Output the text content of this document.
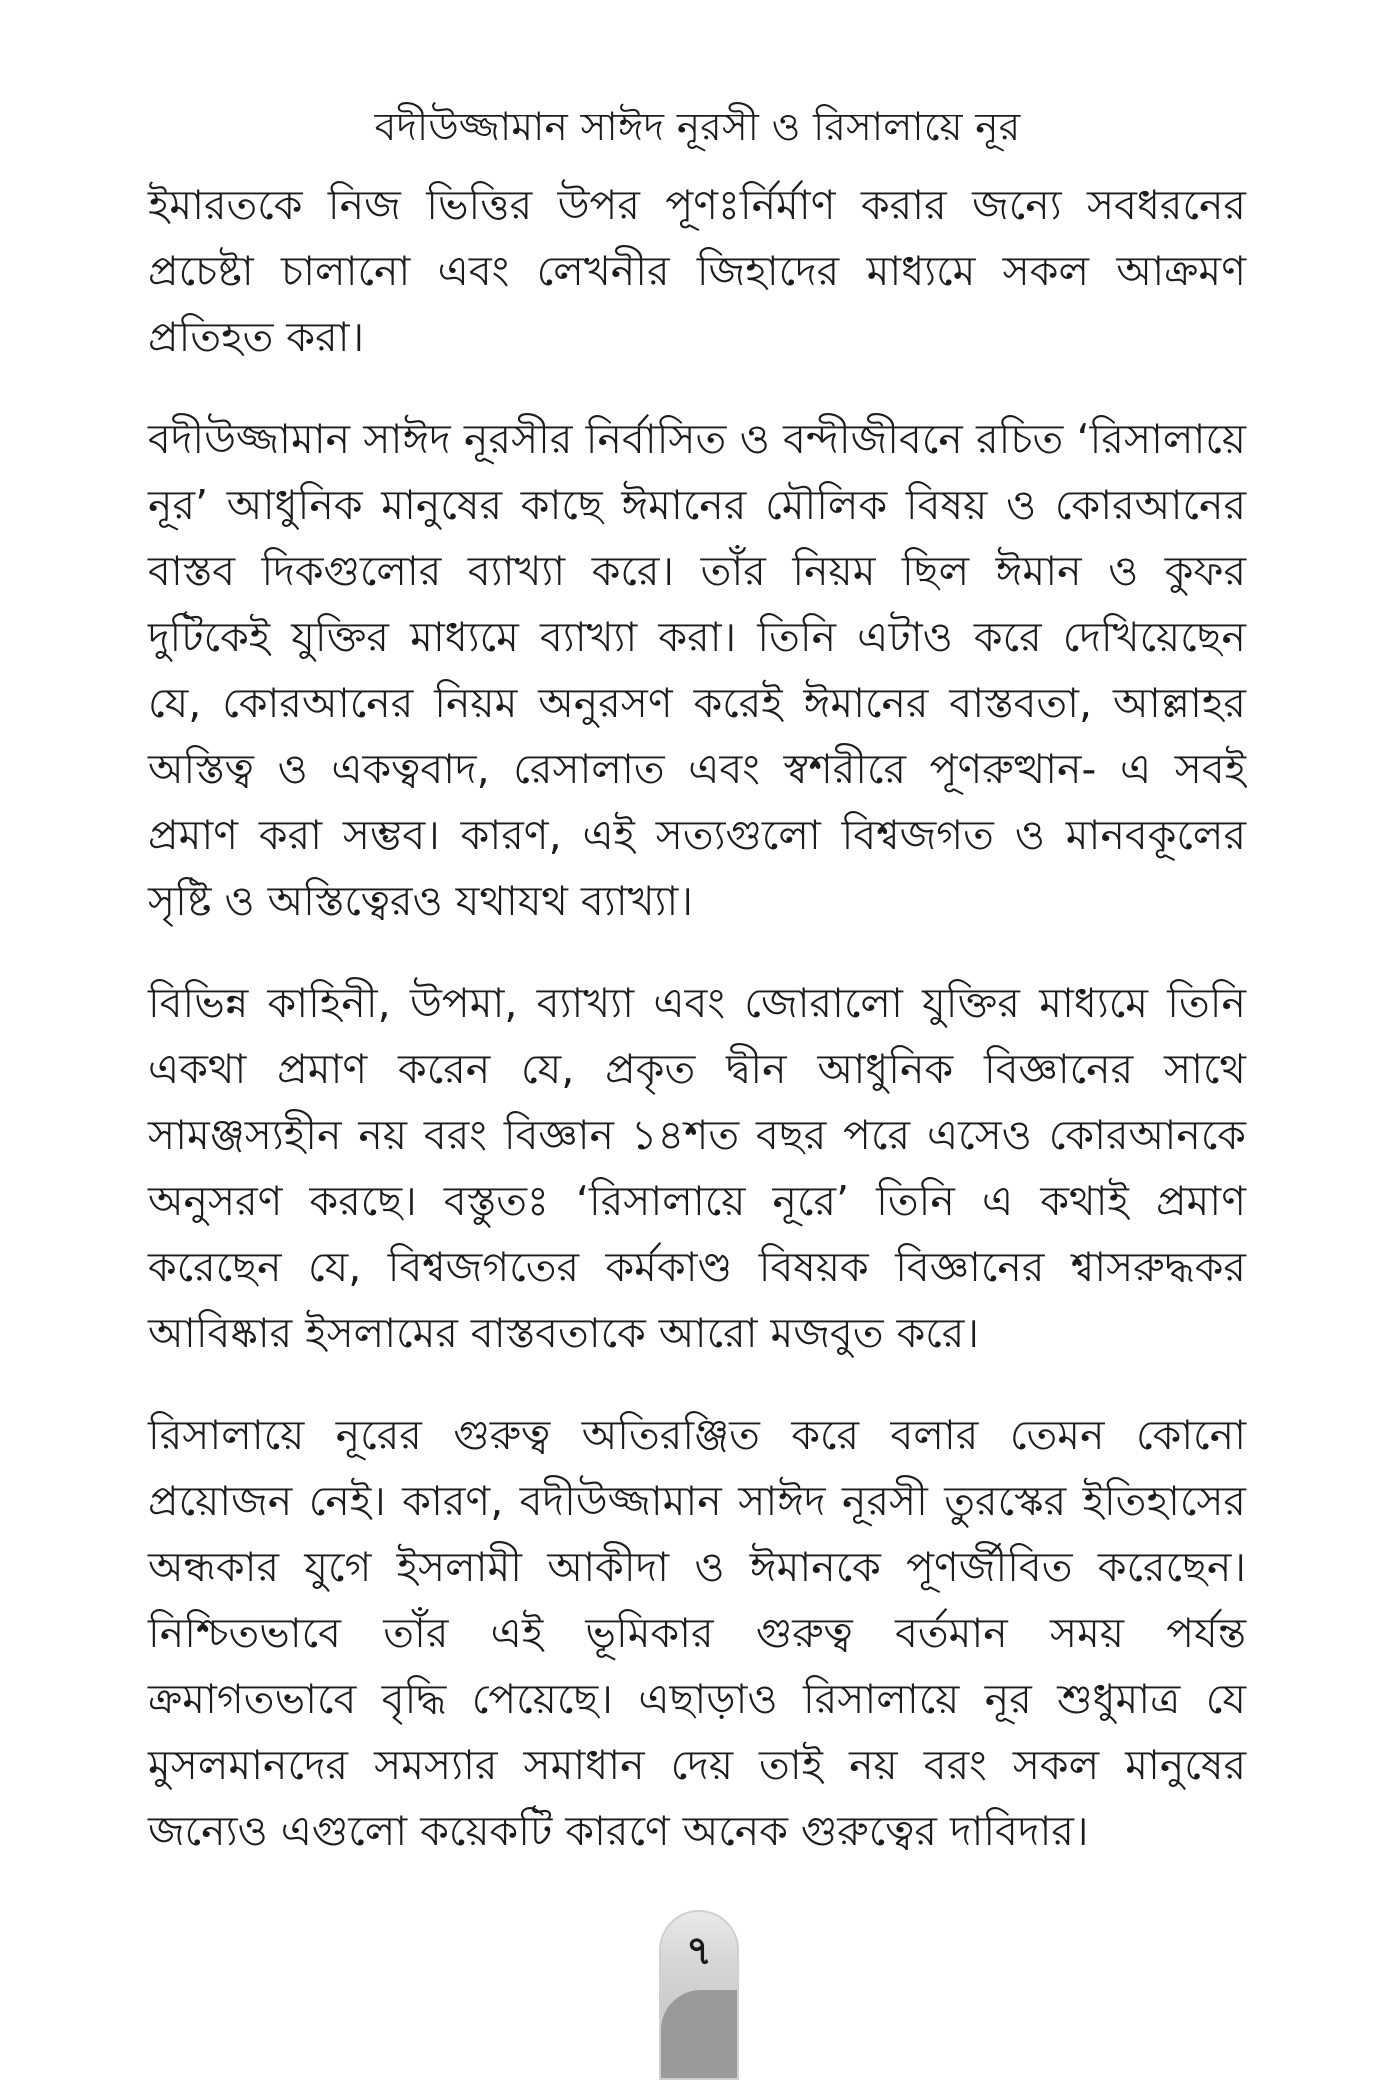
বদীউজ্জামান সাঈদ নূরসী ও রিসালায়ে নূর

ইমারতকে নিজ ভিত্তির উপর পূণঃর্নির্মাণ করার জন্যে সবধরনের প্রচেষ্টা চালানো এবং লেখনীর জিহাদের মাধ্যমে সকল আক্রমণ প্রতিহত করা।

বদীউজ্জামান সাঈদ নূরসীর নির্বাসিত ও বন্দীজীবনে রচিত ‘রিসালায়ে নূর’ আধুনিক মানুষের কাছে ঈমানের মৌলিক বিষয় ও কোরআনের বাস্তব দিকগুলোর ব্যাখ্যা করে। তাঁর নিয়ম ছিল ঈমান ও কুফর দুটিকেই যুক্তির মাধ্যমে ব্যাখ্যা করা। তিনি এটাও করে দেখিয়েছেন যে, কোরআনের নিয়ম অনুরসণ করেই ঈমানের বাস্তবতা, আল্লাহর অস্তিত্ব ও একত্ববাদ, রেসালাত এবং স্বশরীরে পূণরুত্থান- এ সবই প্রমাণ করা সম্ভব। কারণ, এই সত্যগুলো বিশ্বজগত ও মানবকূলের সৃষ্টি ও অস্তিত্বেরও যথাযথ ব্যাখ্যা।

বিভিন্ন কাহিনী, উপমা, ব্যাখ্যা এবং জোরালো যুক্তির মাধ্যমে তিনি একথা প্রমাণ করেন যে, প্রকৃত দ্বীন আধুনিক বিজ্ঞানের সাথে সামঞ্জস্যহীন নয় বরং বিজ্ঞান ১৪শত বছর পরে এসেও কোরআনকে অনুসরণ করছে। বস্তুতঃ ‘রিসালায়ে নূরে’ তিনি এ কথাই প্রমাণ করেছেন যে, বিশ্বজগতের কর্মকাণ্ড বিষয়ক বিজ্ঞানের শ্বাসরুদ্ধকর আবিষ্কার ইসলামের বাস্তবতাকে আরো মজবুত করে।

রিসালায়ে নূরের গুরুত্ব অতিরঞ্জিত করে বলার তেমন কোনো প্রয়োজন নেই। কারণ, বদীউজ্জামান সাঈদ নূরসী তুরস্কের ইতিহাসের অন্ধকার যুগে ইসলামী আকীদা ও ঈমানকে পূণর্জীবিত করেছেন। নিশ্চিতভাবে তাঁর এই ভূমিকার গুরুত্ব বর্তমান সময় পর্যন্ত ক্রমাগতভাবে বৃদ্ধি পেয়েছে। এছাড়াও রিসালায়ে নূর শুধুমাত্র যে মুসলমানদের সমস্যার সমাধান দেয় তাই নয় বরং সকল মানুষের জন্যেও এগুলো কয়েকটি কারণে অনেক গুরুত্বের দাবিদার।

৭
